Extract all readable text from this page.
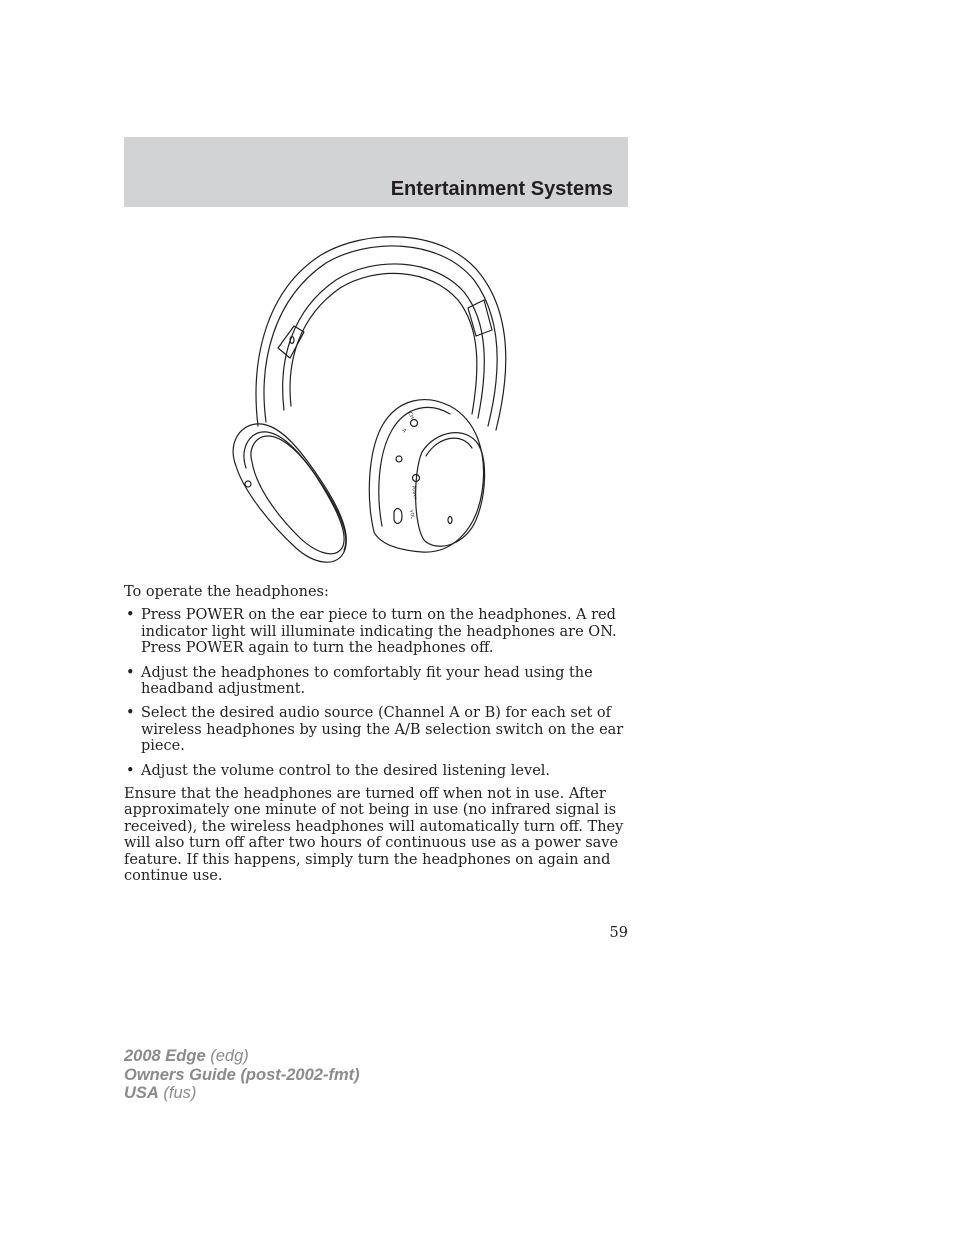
Entertainment Systems
CH
A
Power
VOL

To operate the headphones:

• Press POWER on the ear piece to turn on the headphones. A red indicator light will illuminate indicating the headphones are ON. Press POWER again to turn the headphones off.
• Adjust the headphones to comfortably fit your head using the headband adjustment.
• Select the desired audio source (Channel A or B) for each set of wireless headphones by using the A/B selection switch on the ear piece.
• Adjust the volume control to the desired listening level.

Ensure that the headphones are turned off when not in use. After approximately one minute of not being in use (no infrared signal is received), the wireless headphones will automatically turn off. They will also turn off after two hours of continuous use as a power save feature. If this happens, simply turn the headphones on again and continue use.

59
2008 Edge (edg)
Owners Guide (post-2002-fmt)
USA (fus)
